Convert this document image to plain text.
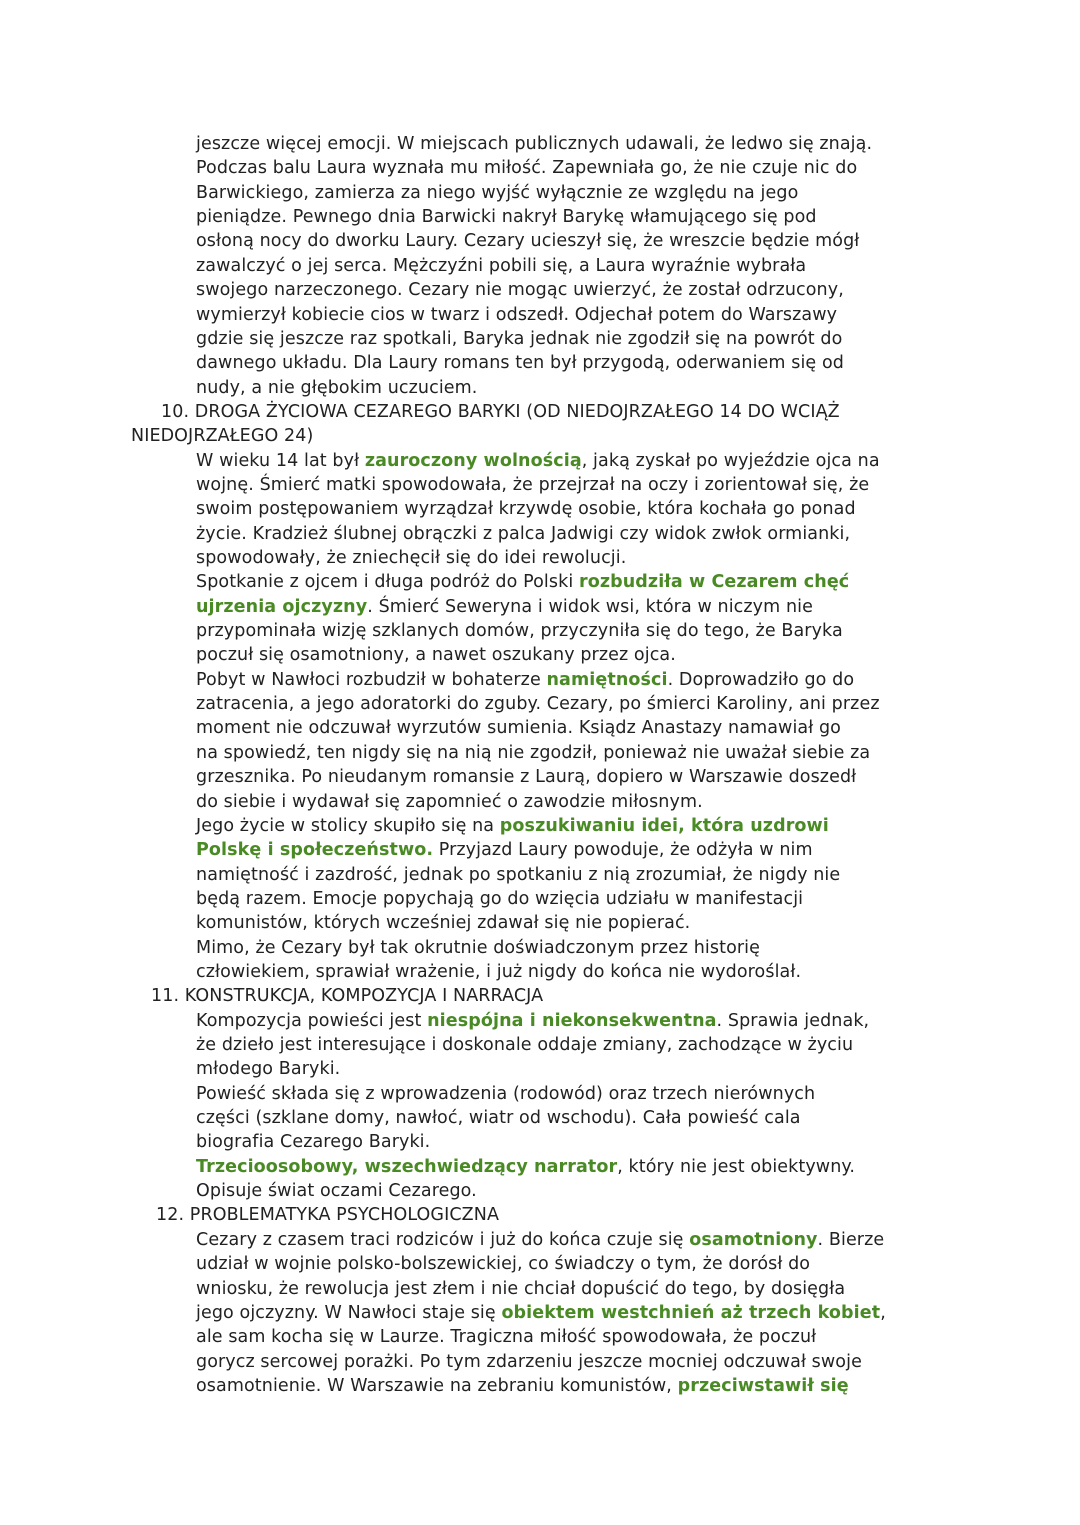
jeszcze więcej emocji. W miejscach publicznych udawali, że ledwo się znają.
Podczas balu Laura wyznała mu miłość. Zapewniała go, że nie czuje nic do
Barwickiego, zamierza za niego wyjść wyłącznie ze względu na jego
pieniądze. Pewnego dnia Barwicki nakrył Barykę włamującego się pod
osłoną nocy do dworku Laury. Cezary ucieszył się, że wreszcie będzie mógł
zawalczyć o jej serca. Mężczyźni pobili się, a Laura wyraźnie wybrała
swojego narzeczonego. Cezary nie mogąc uwierzyć, że został odrzucony,
wymierzył kobiecie cios w twarz i odszedł. Odjechał potem do Warszawy
gdzie się jeszcze raz spotkali, Baryka jednak nie zgodził się na powrót do
dawnego układu. Dla Laury romans ten był przygodą, oderwaniem się od
nudy, a nie głębokim uczuciem.
10. DROGA ŻYCIOWA CEZAREGO BARYKI (OD NIEDOJRZAŁEGO 14 DO WCIĄŻ
NIEDOJRZAŁEGO 24)
W wieku 14 lat był zauroczony wolnością, jaką zyskał po wyjeździe ojca na
wojnę. Śmierć matki spowodowała, że przejrzał na oczy i zorientował się, że
swoim postępowaniem wyrządzał krzywdę osobie, która kochała go ponad
życie. Kradzież ślubnej obrączki z palca Jadwigi czy widok zwłok ormianki,
spowodowały, że zniechęcił się do idei rewolucji.
Spotkanie z ojcem i długa podróż do Polski rozbudziła w Cezarem chęć
ujrzenia ojczyzny. Śmierć Seweryna i widok wsi, która w niczym nie
przypominała wizję szklanych domów, przyczyniła się do tego, że Baryka
poczuł się osamotniony, a nawet oszukany przez ojca.
Pobyt w Nawłoci rozbudził w bohaterze namiętności. Doprowadziło go do
zatracenia, a jego adoratorki do zguby. Cezary, po śmierci Karoliny, ani przez
moment nie odczuwał wyrzutów sumienia. Ksiądz Anastazy namawiał go
na spowiedź, ten nigdy się na nią nie zgodził, ponieważ nie uważał siebie za
grzesznika. Po nieudanym romansie z Laurą, dopiero w Warszawie doszedł
do siebie i wydawał się zapomnieć o zawodzie miłosnym.
Jego życie w stolicy skupiło się na poszukiwaniu idei, która uzdrowi
Polskę i społeczeństwo. Przyjazd Laury powoduje, że odżyła w nim
namiętność i zazdrość, jednak po spotkaniu z nią zrozumiał, że nigdy nie
będą razem. Emocje popychają go do wzięcia udziału w manifestacji
komunistów, których wcześniej zdawał się nie popierać.
Mimo, że Cezary był tak okrutnie doświadczonym przez historię
człowiekiem, sprawiał wrażenie, i już nigdy do końca nie wydoroślał.
11. KONSTRUKCJA, KOMPOZYCJA I NARRACJA
Kompozycja powieści jest niespójna i niekonsekwentna. Sprawia jednak,
że dzieło jest interesujące i doskonale oddaje zmiany, zachodzące w życiu
młodego Baryki.
Powieść składa się z wprowadzenia (rodowód) oraz trzech nierównych
części (szklane domy, nawłoć, wiatr od wschodu). Cała powieść cala
biografia Cezarego Baryki.
Trzecioosobowy, wszechwiedzący narrator, który nie jest obiektywny.
Opisuje świat oczami Cezarego.
12. PROBLEMATYKA PSYCHOLOGICZNA
Cezary z czasem traci rodziców i już do końca czuje się osamotniony. Bierze
udział w wojnie polsko-bolszewickiej, co świadczy o tym, że dorósł do
wniosku, że rewolucja jest złem i nie chciał dopuścić do tego, by dosięgła
jego ojczyzny. W Nawłoci staje się obiektem westchnień aż trzech kobiet,
ale sam kocha się w Laurze. Tragiczna miłość spowodowała, że poczuł
gorycz sercowej porażki. Po tym zdarzeniu jeszcze mocniej odczuwał swoje
osamotnienie. W Warszawie na zebraniu komunistów, przeciwstawił się
